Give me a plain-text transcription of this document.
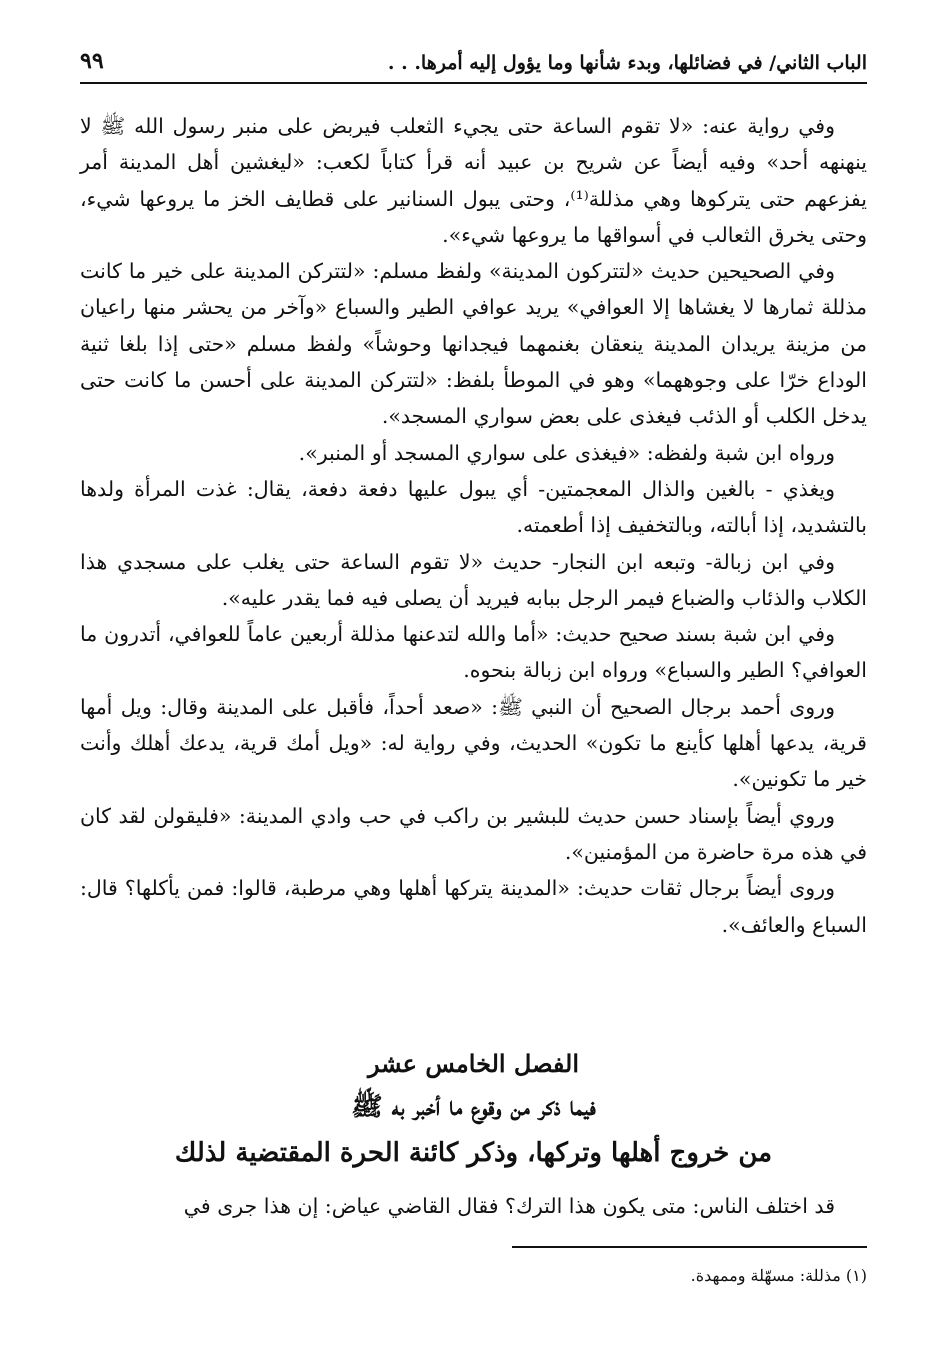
الباب الثاني/ في فضائلها، وبدء شأنها وما يؤول إليه أمرها. . .
٩٩

وفي رواية عنه: «لا تقوم الساعة حتى يجيء الثعلب فيربض على منبر رسول الله ﷺ لا ينهنهه أحد» وفيه أيضاً عن شريح بن عبيد أنه قرأ كتاباً لكعب: «ليغشين أهل المدينة أمر يفزعهم حتى يتركوها وهي مذللة⁽¹⁾، وحتى يبول السنانير على قطايف الخز ما يروعها شيء، وحتى يخرق الثعالب في أسواقها ما يروعها شيء».

وفي الصحيحين حديث «لتتركون المدينة» ولفظ مسلم: «لتتركن المدينة على خير ما كانت مذللة ثمارها لا يغشاها إلا العوافي» يريد عوافي الطير والسباع «وآخر من يحشر منها راعيان من مزينة يريدان المدينة ينعقان بغنمهما فيجدانها وحوشاً» ولفظ مسلم «حتى إذا بلغا ثنية الوداع خرّا على وجوههما» وهو في الموطأ بلفظ: «لتتركن المدينة على أحسن ما كانت حتى يدخل الكلب أو الذئب فيغذى على بعض سواري المسجد».

ورواه ابن شبة ولفظه: «فيغذى على سواري المسجد أو المنبر».

ويغذي - بالغين والذال المعجمتين- أي يبول عليها دفعة دفعة، يقال: غذت المرأة ولدها بالتشديد، إذا أبالته، وبالتخفيف إذا أطعمته.

وفي ابن زبالة- وتبعه ابن النجار- حديث «لا تقوم الساعة حتى يغلب على مسجدي هذا الكلاب والذئاب والضباع فيمر الرجل ببابه فيريد أن يصلى فيه فما يقدر عليه».

وفي ابن شبة بسند صحيح حديث: «أما والله لتدعنها مذللة أربعين عاماً للعوافي، أتدرون ما العوافي؟ الطير والسباع» ورواه ابن زبالة بنحوه.

وروى أحمد برجال الصحيح أن النبي ﷺ: «صعد أحداً، فأقبل على المدينة وقال: ويل أمها قرية، يدعها أهلها كأينع ما تكون» الحديث، وفي رواية له: «ويل أمك قرية، يدعك أهلك وأنت خير ما تكونين».

وروي أيضاً بإسناد حسن حديث للبشير بن راكب في حب وادي المدينة: «فليقولن لقد كان في هذه مرة حاضرة من المؤمنين».

وروى أيضاً برجال ثقات حديث: «المدينة يتركها أهلها وهي مرطبة، قالوا: فمن يأكلها؟ قال: السباع والعائف».

الفصل الخامس عشر
فيما ذكر من وقوع ما أخبر به ﷺ
من خروج أهلها وتركها، وذكر كائنة الحرة المقتضية لذلك
قد اختلف الناس: متى يكون هذا الترك؟ فقال القاضي عياض: إن هذا جرى في
(١) مذللة: مسهّلة وممهدة.
